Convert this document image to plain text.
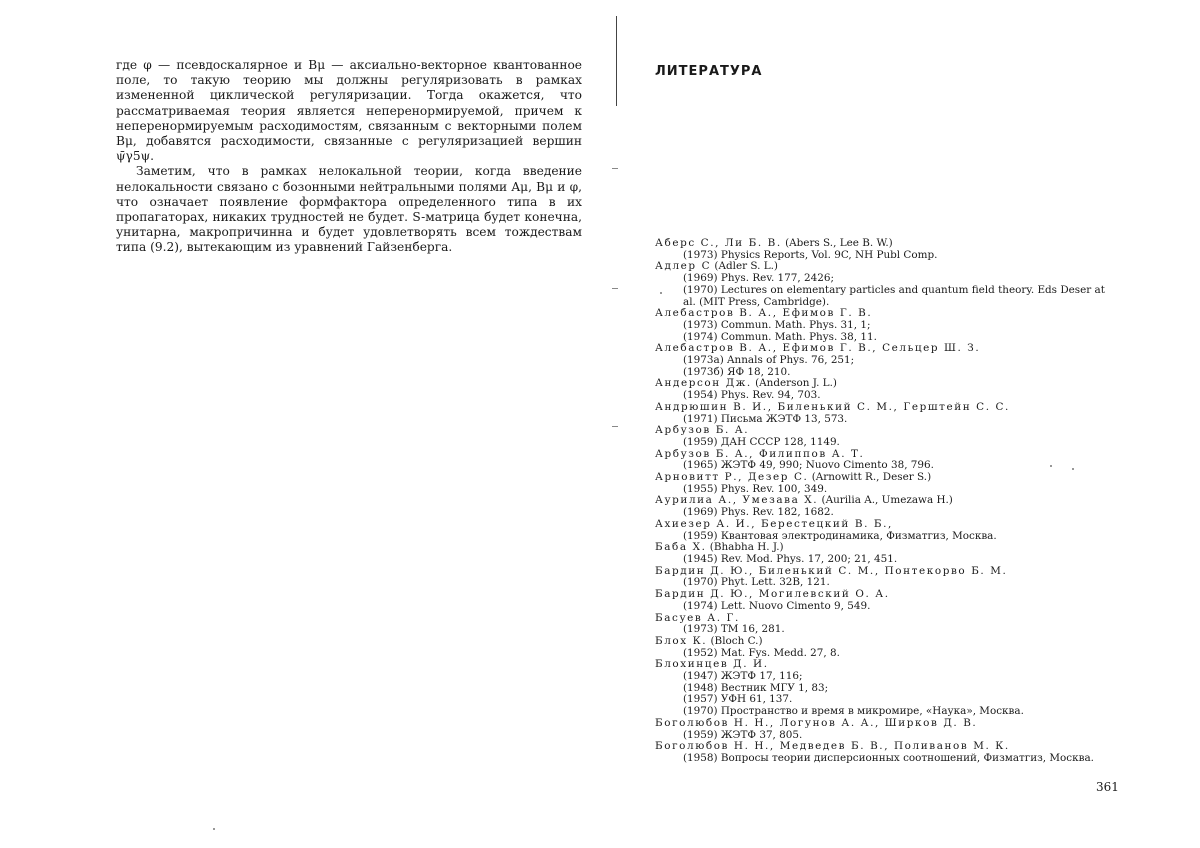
где φ — псевдоскалярное и Bμ — аксиально-векторное квантованное поле, то такую теорию мы должны регуляризовать в рамках измененной циклической регуляризации. Тогда окажется, что рассматриваемая теория является неперенормируемой, причем к неперенормируемым расходимостям, связанным с векторными полем Bμ, добавятся расходимости, связанные с регуляризацией вершин ψ̄γ5ψ.

Заметим, что в рамках нелокальной теории, когда введение нелокальности связано с бозонными нейтральными полями Aμ, Bμ и φ, что означает появление формфактора определенного типа в их пропагаторах, никаких трудностей не будет. S-матрица будет конечна, унитарна, макропричинна и будет удовлетворять всем тождествам типа (9.2), вытекающим из уравнений Гайзенберга.

ЛИТЕРАТУРА
Аберс С., Ли Б. В. (Abers S., Lee B. W.)
(1973) Physics Reports, Vol. 9C, NH Publ Comp.
Адлер С (Adler S. L.)
(1969) Phys. Rev. 177, 2426;
(1970) Lectures on elementary particles and quantum field theory. Eds Deser at al. (MIT Press, Cambridge).
Алебастров В. А., Ефимов Г. В.
(1973) Commun. Math. Phys. 31, 1;
(1974) Commun. Math. Phys. 38, 11.
Алебастров В. А., Ефимов Г. В., Сельцер Ш. З.
(1973а) Annals of Phys. 76, 251;
(1973б) ЯФ 18, 210.
Андерсон Дж. (Anderson J. L.)
(1954) Phys. Rev. 94, 703.
Андрюшин В. И., Биленький С. М., Герштейн С. С.
(1971) Письма ЖЭТФ 13, 573.
Арбузов Б. А.
(1959) ДАН СССР 128, 1149.
Арбузов Б. А., Филиппов А. Т.
(1965) ЖЭТФ 49, 990; Nuovo Cimento 38, 796.
Арновитт Р., Дезер С. (Arnowitt R., Deser S.)
(1955) Phys. Rev. 100, 349.
Аурилиа А., Умезава Х. (Aurilia A., Umezawa H.)
(1969) Phys. Rev. 182, 1682.
Ахиезер А. И., Берестецкий В. Б.,
(1959) Квантовая электродинамика, Физматгиз, Москва.
Баба Х. (Bhabha H. J.)
(1945) Rev. Mod. Phys. 17, 200; 21, 451.
Бардин Д. Ю., Биленький С. М., Понтекорво Б. М.
(1970) Phyt. Lett. 32B, 121.
Бардин Д. Ю., Могилевский О. А.
(1974) Lett. Nuovo Cimento 9, 549.
Басуев А. Г.
(1973) ТМ 16, 281.
Блох К. (Bloch C.)
(1952) Mat. Fys. Medd. 27, 8.
Блохинцев Д. И.
(1947) ЖЭТФ 17, 116;
(1948) Вестник МГУ 1, 83;
(1957) УФН 61, 137.
(1970) Пространство и время в микромире, «Наука», Москва.
Боголюбов Н. Н., Логунов А. А., Ширков Д. В.
(1959) ЖЭТФ 37, 805.
Боголюбов Н. Н., Медведев Б. В., Поливанов М. К.
(1958) Вопросы теории дисперсионных соотношений, Физматгиз, Москва.
361
